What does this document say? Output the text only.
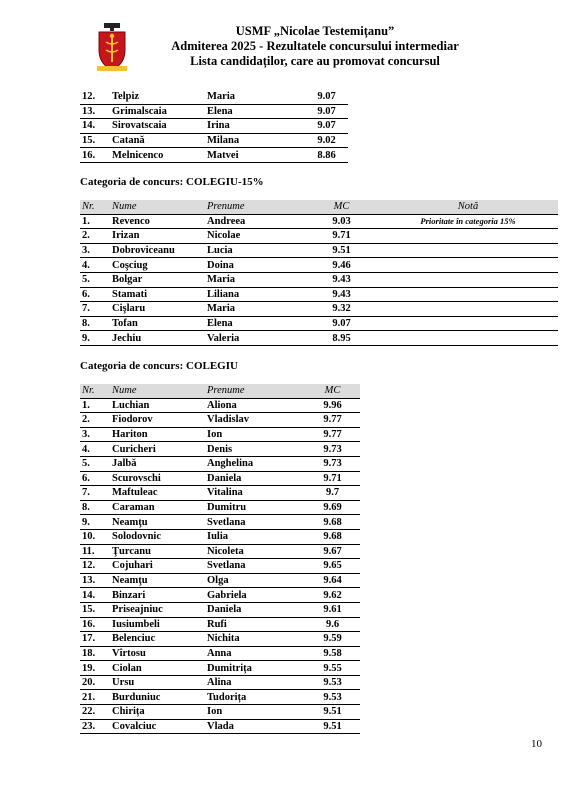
USMF „Nicolae Testemițanu”
Admiterea 2025 - Rezultatele concursului intermediar
Lista candidaților, care au promovat concursul
12.	Telpiz	Maria	9.07
13.	Grimalscaia	Elena	9.07
14.	Sirovatscaia	Irina	9.07
15.	Catană	Milana	9.02
16.	Melnicenco	Matvei	8.86
Categoria de concurs: COLEGIU-15%
Nr.	Nume	Prenume	MC	Notă
1.	Revenco	Andreea	9.03	Prioritate în categoria 15%
2.	Irizan	Nicolae	9.71	
3.	Dobroviceanu	Lucia	9.51	
4.	Coşciug	Doina	9.46	
5.	Bolgar	Maria	9.43	
6.	Stamati	Liliana	9.43	
7.	Cişlaru	Maria	9.32	
8.	Tofan	Elena	9.07	
9.	Jechiu	Valeria	8.95	
Categoria de concurs: COLEGIU
Nr.	Nume	Prenume	MC
1.	Luchian	Aliona	9.96
2.	Fiodorov	Vladislav	9.77
3.	Hariton	Ion	9.77
4.	Curicheri	Denis	9.73
5.	Jalbă	Anghelina	9.73
6.	Scurovschi	Daniela	9.71
7.	Maftuleac	Vitalina	9.7
8.	Caraman	Dumitru	9.69
9.	Neamţu	Svetlana	9.68
10.	Solodovnic	Iulia	9.68
11.	Ţurcanu	Nicoleta	9.67
12.	Cojuhari	Svetlana	9.65
13.	Neamţu	Olga	9.64
14.	Binzari	Gabriela	9.62
15.	Priseajniuc	Daniela	9.61
16.	Iusiumbeli	Rufi	9.6
17.	Belenciuc	Nichita	9.59
18.	Vîrtosu	Anna	9.58
19.	Ciolan	Dumitrița	9.55
20.	Ursu	Alina	9.53
21.	Burduniuc	Tudorița	9.53
22.	Chirița	Ion	9.51
23.	Covalciuc	Vlada	9.51
10
